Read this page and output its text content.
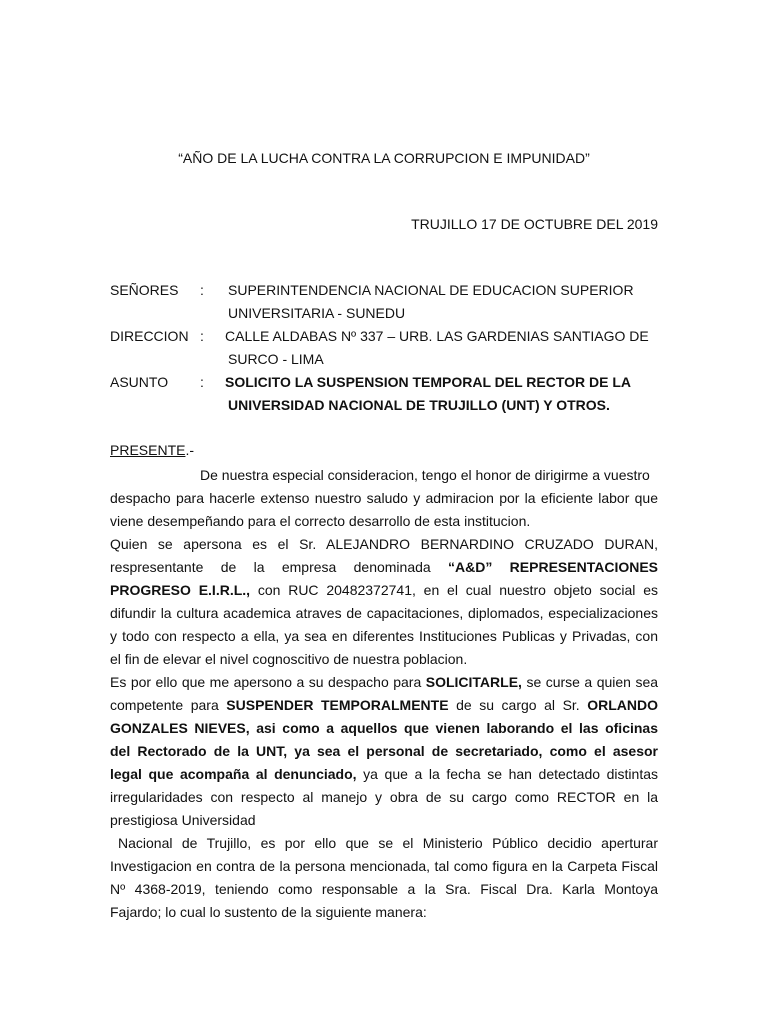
“AÑO DE LA LUCHA CONTRA LA CORRUPCION E IMPUNIDAD”
TRUJILLO 17 DE OCTUBRE DEL 2019
SEÑORES : SUPERINTENDENCIA NACIONAL DE EDUCACION SUPERIOR
UNIVERSITARIA - SUNEDU
DIRECCION : CALLE ALDABAS Nº 337 – URB. LAS GARDENIAS SANTIAGO DE
SURCO - LIMA
ASUNTO : SOLICITO LA SUSPENSION TEMPORAL DEL RECTOR DE LA
UNIVERSIDAD NACIONAL DE TRUJILLO (UNT) Y OTROS.
PRESENTE.-
De nuestra especial consideracion, tengo el honor de dirigirme a vuestro
despacho para hacerle extenso nuestro saludo y admiracion por la eficiente labor que
viene desempeñando para el correcto desarrollo de esta institucion.
Quien se apersona es el Sr. ALEJANDRO BERNARDINO CRUZADO DURAN,
respresentante de la empresa denominada “A&D” REPRESENTACIONES
PROGRESO E.I.R.L., con RUC 20482372741, en el cual nuestro objeto social es
difundir la cultura academica atraves de capacitaciones, diplomados, especializaciones
y todo con respecto a ella, ya sea en diferentes Instituciones Publicas y Privadas, con
el fin de elevar el nivel cognoscitivo de nuestra poblacion.
Es por ello que me apersono a su despacho para SOLICITARLE, se curse a quien sea
competente para SUSPENDER TEMPORALMENTE de su cargo al Sr. ORLANDO
GONZALES NIEVES, asi como a aquellos que vienen laborando el las oficinas
del Rectorado de la UNT, ya sea el personal de secretariado, como el asesor
legal que acompaña al denunciado, ya que a la fecha se han detectado distintas
irregularidades con respecto al manejo y obra de su cargo como RECTOR en la
prestigiosa Universidad
Nacional de Trujillo, es por ello que se el Ministerio Público decidio aperturar
Investigacion en contra de la persona mencionada, tal como figura en la Carpeta Fiscal
Nº 4368-2019, teniendo como responsable a la Sra. Fiscal Dra. Karla Montoya
Fajardo; lo cual lo sustento de la siguiente manera:
